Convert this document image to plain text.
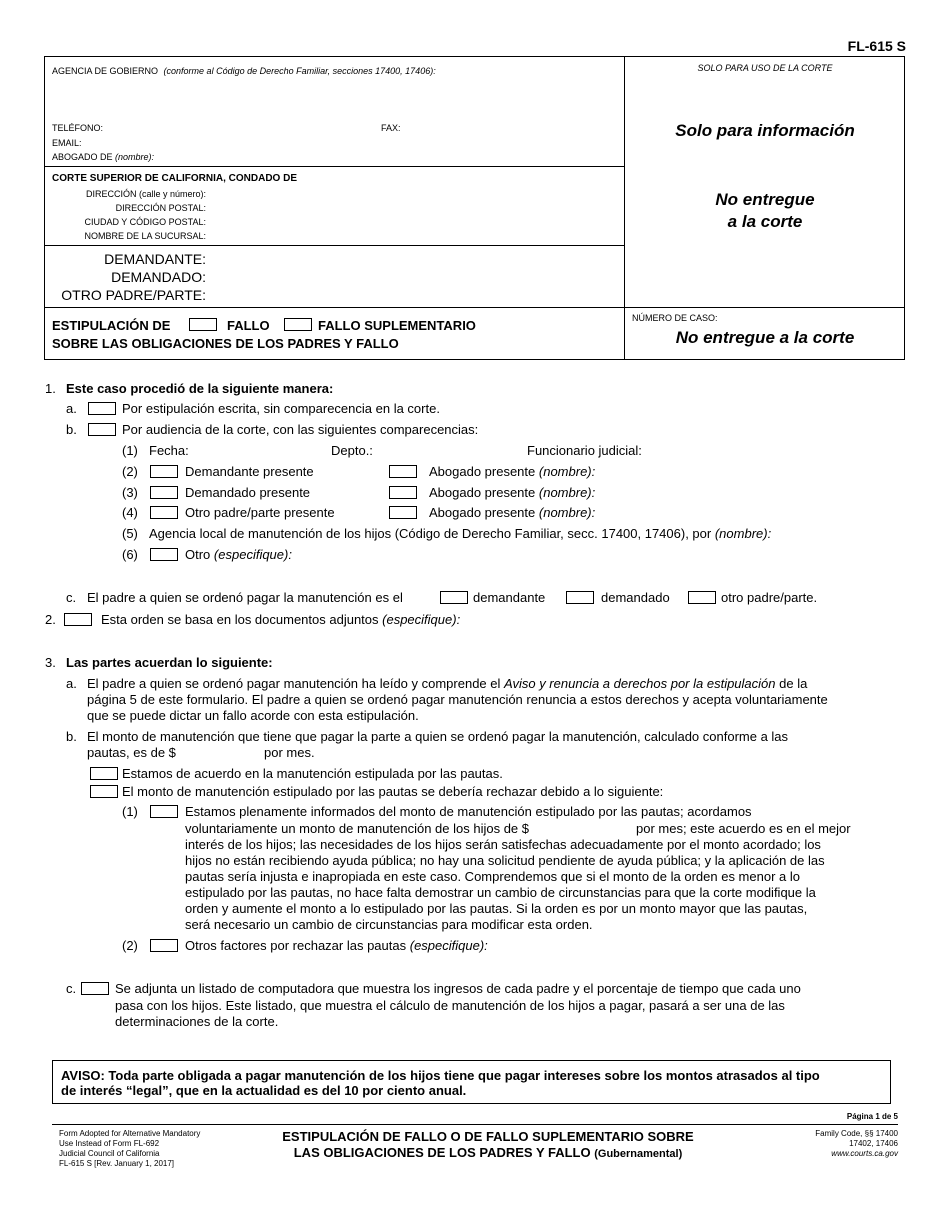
FL-615 S
AGENCIA DE GOBIERNO (conforme al Código de Derecho Familiar, secciones 17400, 17406):
TELÉFONO:	FAX:
EMAIL:
ABOGADO DE (nombre):
SOLO PARA USO DE LA CORTE
Solo para información
No entregue
a la corte
CORTE SUPERIOR DE CALIFORNIA, CONDADO DE
DIRECCIÓN (calle y número):
DIRECCIÓN POSTAL:
CIUDAD Y CÓDIGO POSTAL:
NOMBRE DE LA SUCURSAL:
DEMANDANTE:
DEMANDADO:
OTRO PADRE/PARTE:
ESTIPULACIÓN DE	FALLO	FALLO SUPLEMENTARIO
SOBRE LAS OBLIGACIONES DE LOS PADRES Y FALLO
NÚMERO DE CASO:
No entregue a la corte
1. Este caso procedió de la siguiente manera:
a.	Por estipulación escrita, sin comparecencia en la corte.
b.	Por audiencia de la corte, con las siguientes comparecencias:
(1) Fecha:	Depto.:	Funcionario judicial:
(2)	Demandante presente	Abogado presente (nombre):
(3)	Demandado presente	Abogado presente (nombre):
(4)	Otro padre/parte presente	Abogado presente (nombre):
(5) Agencia local de manutención de los hijos (Código de Derecho Familiar, secc. 17400, 17406), por (nombre):
(6)	Otro (especifique):
c. El padre a quien se ordenó pagar la manutención es el	demandante	demandado	otro padre/parte.
2.	Esta orden se basa en los documentos adjuntos (especifique):
3. Las partes acuerdan lo siguiente:
a. El padre a quien se ordenó pagar manutención ha leído y comprende el Aviso y renuncia a derechos por la estipulación de la
página 5 de este formulario. El padre a quien se ordenó pagar manutención renuncia a estos derechos y acepta voluntariamente
que se puede dictar un fallo acorde con esta estipulación.
b. El monto de manutención que tiene que pagar la parte a quien se ordenó pagar la manutención, calculado conforme a las
pautas, es de $	por mes.
Estamos de acuerdo en la manutención estipulada por las pautas.
El monto de manutención estipulado por las pautas se debería rechazar debido a lo siguiente:
(1)	Estamos plenamente informados del monto de manutención estipulado por las pautas; acordamos
voluntariamente un monto de manutención de los hijos de $	por mes; este acuerdo es en el mejor
interés de los hijos; las necesidades de los hijos serán satisfechas adecuadamente por el monto acordado; los
hijos no están recibiendo ayuda pública; no hay una solicitud pendiente de ayuda pública; y la aplicación de las
pautas sería injusta e inapropiada en este caso. Comprendemos que si el monto de la orden es menor a lo
estipulado por las pautas, no hace falta demostrar un cambio de circunstancias para que la corte modifique la
orden y aumente el monto a lo estipulado por las pautas. Si la orden es por un monto mayor que las pautas,
será necesario un cambio de circunstancias para modificar esta orden.
(2)	Otros factores por rechazar las pautas (especifique):
c.	Se adjunta un listado de computadora que muestra los ingresos de cada padre y el porcentaje de tiempo que cada uno
pasa con los hijos. Este listado, que muestra el cálculo de manutención de los hijos a pagar, pasará a ser una de las
determinaciones de la corte.
AVISO: Toda parte obligada a pagar manutención de los hijos tiene que pagar intereses sobre los montos atrasados al tipo
de interés “legal”, que en la actualidad es del 10 por ciento anual.
Página 1 de 5
Form Adopted for Alternative Mandatory
Use Instead of Form FL-692
Judicial Council of California
FL-615 S [Rev. January 1, 2017]
ESTIPULACIÓN DE FALLO O DE FALLO SUPLEMENTARIO SOBRE
LAS OBLIGACIONES DE LOS PADRES Y FALLO (Gubernamental)
Family Code, §§ 17400
17402, 17406
www.courts.ca.gov
